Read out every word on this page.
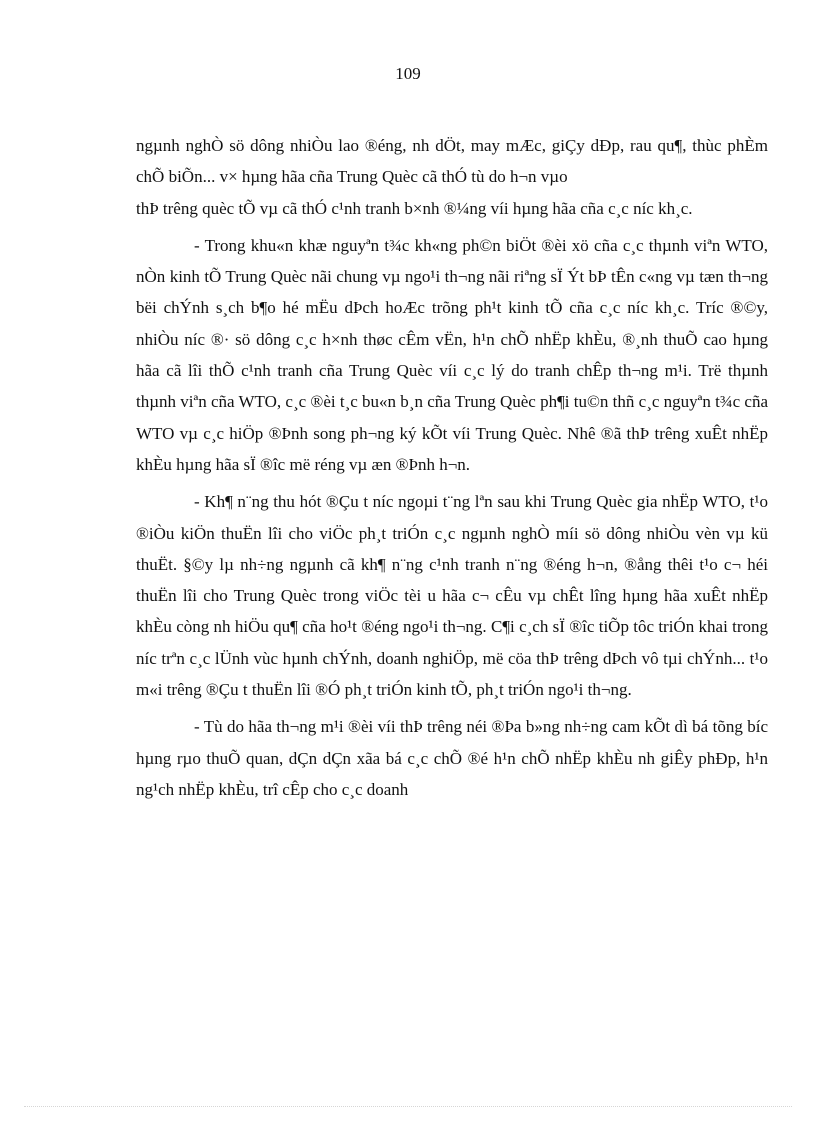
109

ngµnh nghÒ sö dông nhiÒu lao ®éng, nh dÖt, may mÆc, giÇy dÐp, rau qu¶, thùc phÈm chÕ biÕn... v× hµng hãa cña Trung Quèc cã thÓ tù do h¬n vµo

thÞ trêng quèc tÕ vµ cã thÓ c¹nh tranh b×nh ®¼ng víi hµng hãa cña c¸c níc kh¸c.

- Trong khu«n khæ nguyªn t¾c kh«ng ph©n biÖt ®èi xö cña c¸c thµnh viªn WTO, nÒn kinh tÕ Trung Quèc nãi chung vµ ngo¹i th¬ng nãi riªng sÏ Ýt bÞ tÊn c«ng vµ tæn th¬ng bëi chÝnh s¸ch b¶o hé mËu dÞch hoÆc trõng ph¹t kinh tÕ cña c¸c níc kh¸c. Tríc ®©y, nhiÒu níc ®· sö dông c¸c h×nh thøc cÊm vËn, h¹n chÕ nhËp khÈu, ®¸nh thuÕ cao hµng hãa cã lîi thÕ c¹nh tranh cña Trung Quèc víi c¸c lý do tranh chÊp th¬ng m¹i. Trë thµnh thµnh viªn cña WTO, c¸c ®èi t¸c bu«n b¸n cña Trung Quèc ph¶i tu©n thñ c¸c nguyªn t¾c cña WTO vµ c¸c hiÖp ®Þnh song ph¬ng ký kÕt víi Trung Quèc. Nhê ®ã thÞ trêng xuÊt nhËp khÈu hµng hãa sÏ ®îc më réng vµ æn ®Þnh h¬n.

- Kh¶ n¨ng thu hót ®Çu t níc ngoµi t¨ng lªn sau khi Trung Quèc gia nhËp WTO, t¹o ®iÒu kiÖn thuËn lîi cho viÖc ph¸t triÓn c¸c ngµnh nghÒ míi sö dông nhiÒu vèn vµ kü thuËt. §©y lµ nh÷ng ngµnh cã kh¶ n¨ng c¹nh tranh n¨ng ®éng h¬n, ®ång thêi t¹o c¬ héi thuËn lîi cho Trung Quèc trong viÖc tèi u hãa c¬ cÊu vµ chÊt lîng hµng hãa xuÊt nhËp khÈu còng nh hiÖu qu¶ cña ho¹t ®éng ngo¹i th¬ng. C¶i c¸ch sÏ ®îc tiÕp tôc triÓn khai trong níc trªn c¸c lÜnh vùc hµnh chÝnh, doanh nghiÖp, më cöa thÞ trêng dÞch vô tµi chÝnh... t¹o m«i trêng ®Çu t thuËn lîi ®Ó ph¸t triÓn kinh tÕ, ph¸t triÓn ngo¹i th¬ng.

- Tù do hãa th¬ng m¹i ®èi víi thÞ trêng néi ®Þa b»ng nh÷ng cam kÕt dì bá tõng bíc hµng rµo thuÕ quan, dÇn dÇn xãa bá c¸c chÕ ®é h¹n chÕ nhËp khÈu nh giÊy phÐp, h¹n ng¹ch nhËp khÈu, trî cÊp cho c¸c doanh
